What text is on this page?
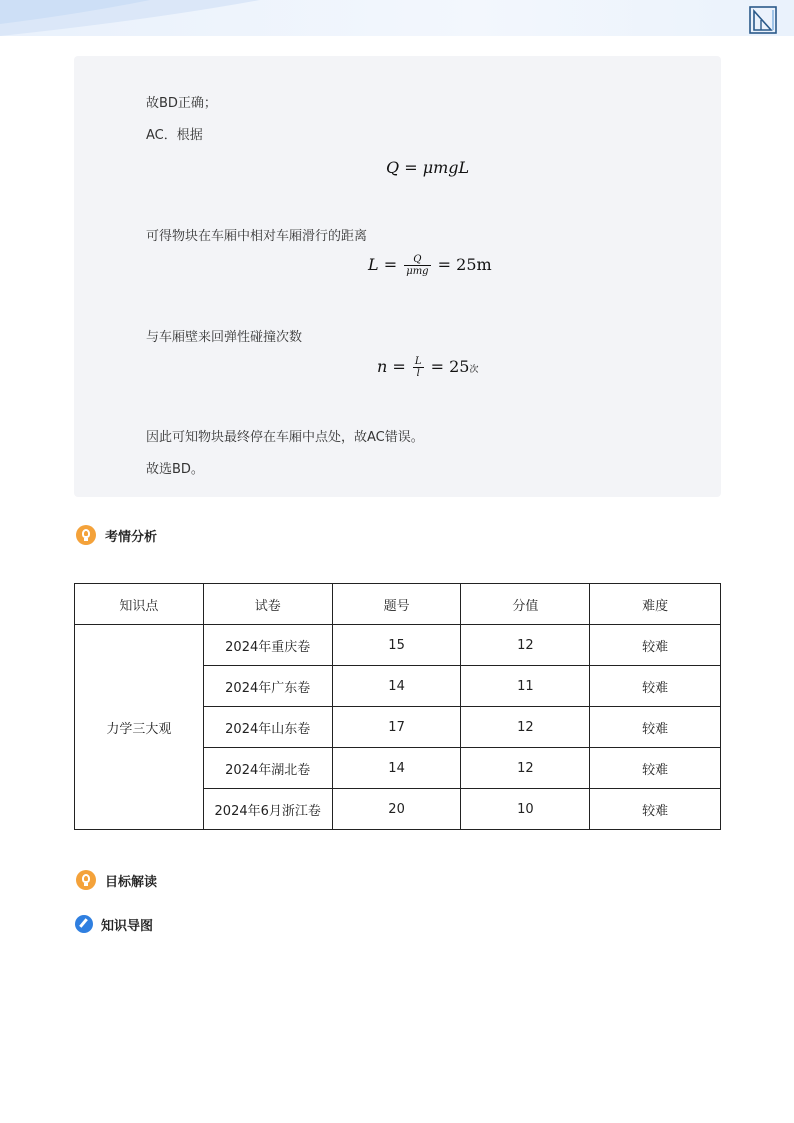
故BD正确；
AC．根据
Q = μmgL
可得物块在车厢中相对车厢滑行的距离
$L = \frac{Q}{\text{μmg}} = 25m$
与车厢壁来回弹性碰撞次数
$n = \frac{L}{l} = 25$次
因此可知物块最终停在车厢中点处，故AC错误。
故选BD。
考情分析
知识点	试卷	题号	分值	难度
力学三大观	2024年重庆卷	15	12	较难
	2024年广东卷	14	11	较难
	2024年山东卷	17	12	较难
	2024年湖北卷	14	12	较难
	2024年6月浙江卷	20	10	较难
目标解读
知识导图
